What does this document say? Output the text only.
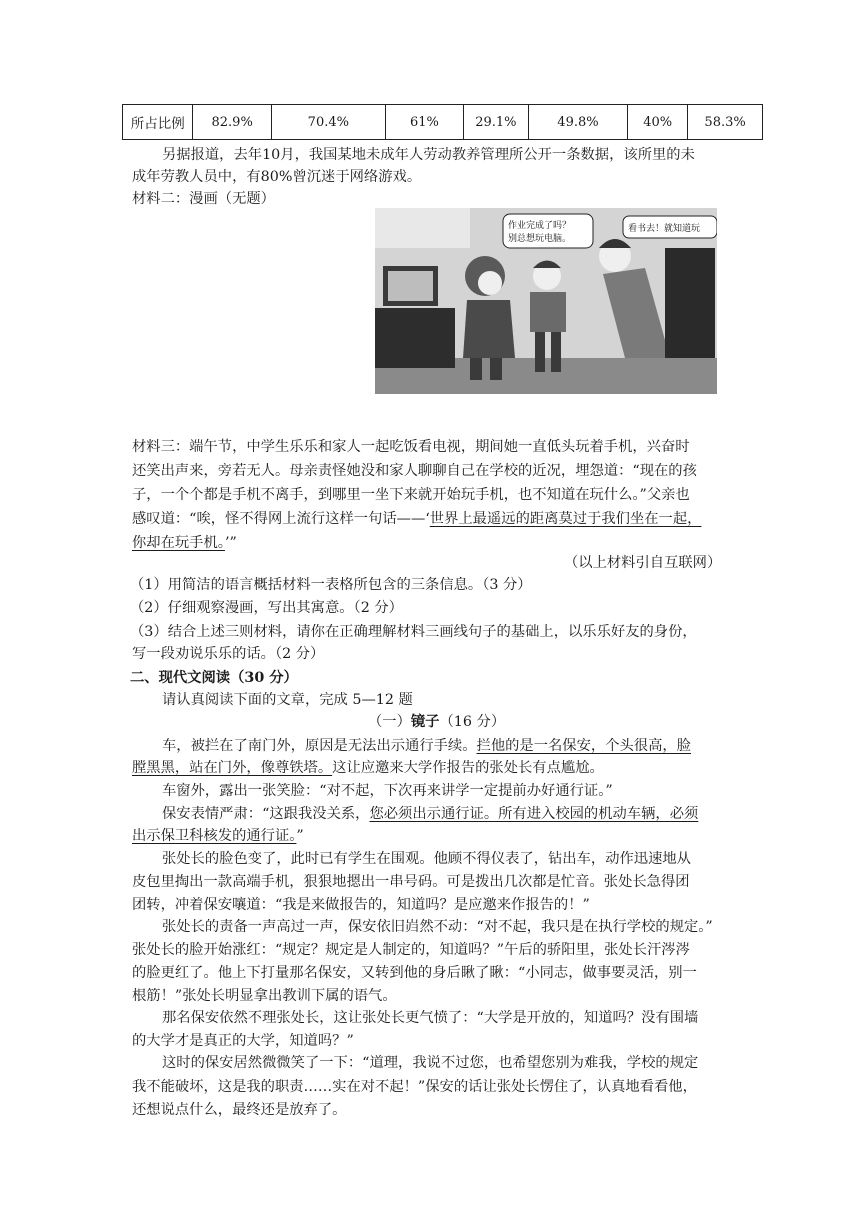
所占比例	82.9%	70.4%	61%	29.1%	49.8%	40%	58.3%
另据报道，去年10月，我国某地未成年人劳动教养管理所公开一条数据，该所里的未
成年劳教人员中，有80%曾沉迷于网络游戏。
材料二：漫画（无题）
作业完成了吗？
别总想玩电脑。
看书去！就知道玩
材料三：端午节，中学生乐乐和家人一起吃饭看电视，期间她一直低头玩着手机，兴奋时
还笑出声来，旁若无人。母亲责怪她没和家人聊聊自己在学校的近况，埋怨道：“现在的孩
子，一个个都是手机不离手，到哪里一坐下来就开始玩手机，也不知道在玩什么。”父亲也
感叹道：“唉，怪不得网上流行这样一句话——‘世界上最遥远的距离莫过于我们坐在一起，
你却在玩手机。’”
（以上材料引自互联网）
（1）用简洁的语言概括材料一表格所包含的三条信息。（3 分）
（2）仔细观察漫画，写出其寓意。（2 分）
（3）结合上述三则材料，请你在正确理解材料三画线句子的基础上，以乐乐好友的身份，
写一段劝说乐乐的话。（2 分）
二、现代文阅读（30 分）
请认真阅读下面的文章，完成 5—12 题
（一）镜子（16 分）
车，被拦在了南门外，原因是无法出示通行手续。拦他的是一名保安，个头很高，脸
膛黑黑，站在门外，像尊铁塔。这让应邀来大学作报告的张处长有点尴尬。
车窗外，露出一张笑脸：“对不起，下次再来讲学一定提前办好通行证。”
保安表情严肃：“这跟我没关系，您必须出示通行证。所有进入校园的机动车辆，必须
出示保卫科核发的通行证。”
张处长的脸色变了，此时已有学生在围观。他顾不得仪表了，钻出车，动作迅速地从
皮包里掏出一款高端手机，狠狠地摁出一串号码。可是拨出几次都是忙音。张处长急得团
团转，冲着保安嚷道：“我是来做报告的，知道吗？是应邀来作报告的！”
张处长的责备一声高过一声，保安依旧岿然不动：“对不起，我只是在执行学校的规定。”
张处长的脸开始涨红：“规定？规定是人制定的，知道吗？”午后的骄阳里，张处长汗涔涔
的脸更红了。他上下打量那名保安，又转到他的身后瞅了瞅：“小同志，做事要灵活，别一
根筋！”张处长明显拿出教训下属的语气。
那名保安依然不理张处长，这让张处长更气愤了：“大学是开放的，知道吗？没有围墙
的大学才是真正的大学，知道吗？”
这时的保安居然微微笑了一下：“道理，我说不过您，也希望您别为难我，学校的规定
我不能破坏，这是我的职责……实在对不起！”保安的话让张处长愣住了，认真地看看他，
还想说点什么，最终还是放弃了。
